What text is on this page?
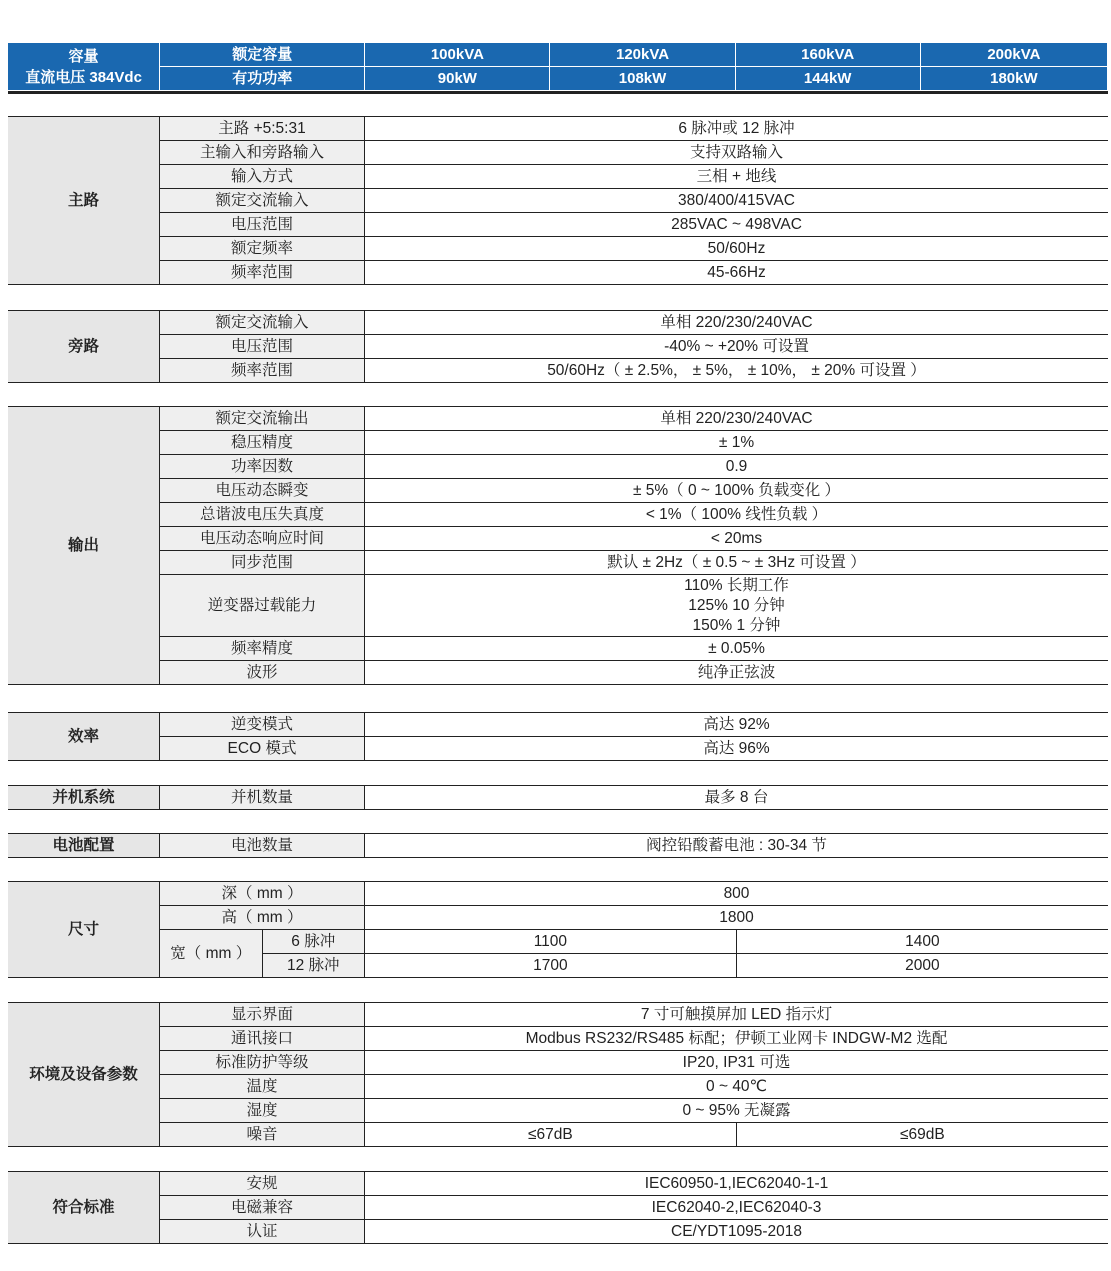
容量
直流电压 384Vdc	额定容量	100kVA	120kVA	160kVA	200kVA
	有功功率	90kW	108kW	144kW	180kW
主路	主路 +5:5:31	6 脉冲或 12 脉冲
	主输入和旁路输入	支持双路输入
	输入方式	三相 + 地线
	额定交流输入	380/400/415VAC
	电压范围	285VAC ~ 498VAC
	额定频率	50/60Hz
	频率范围	45-66Hz
旁路	额定交流输入	单相 220/230/240VAC
	电压范围	-40% ~ +20% 可设置
	频率范围	50/60Hz（ ± 2.5%， ± 5%， ± 10%， ± 20% 可设置 ）
输出	额定交流输出	单相 220/230/240VAC
	稳压精度	± 1%
	功率因数	0.9
	电压动态瞬变	± 5%（ 0 ~ 100% 负载变化 ）
	总谐波电压失真度	< 1%（ 100% 线性负载 ）
	电压动态响应时间	< 20ms
	同步范围	默认 ± 2Hz（ ± 0.5 ~ ± 3Hz 可设置 ）
	逆变器过载能力	110% 长期工作
125% 10 分钟
150% 1 分钟

	频率精度	± 0.05%
	波形	纯净正弦波
效率	逆变模式	高达 92%
	ECO 模式	高达 96%
并机系统	并机数量	最多 8 台
电池配置	电池数量	阀控铅酸蓄电池 : 30-34 节
尺寸	深（ mm ）		800	
	高（ mm ）		1800	
	宽（ mm ）	6 脉冲	1100	1400
		12 脉冲	1700	2000
环境及设备参数	显示界面	7 寸可触摸屏加 LED 指示灯	
	通讯接口	Modbus RS232/RS485 标配；伊顿工业网卡 INDGW-M2 选配	
	标准防护等级	IP20, IP31 可选	
	温度	0 ~ 40℃	
	湿度	0 ~ 95% 无凝露	
	噪音	≤67dB	≤69dB
符合标准	安规	IEC60950-1,IEC62040-1-1
	电磁兼容	IEC62040-2,IEC62040-3
	认证	CE/YDT1095-2018
